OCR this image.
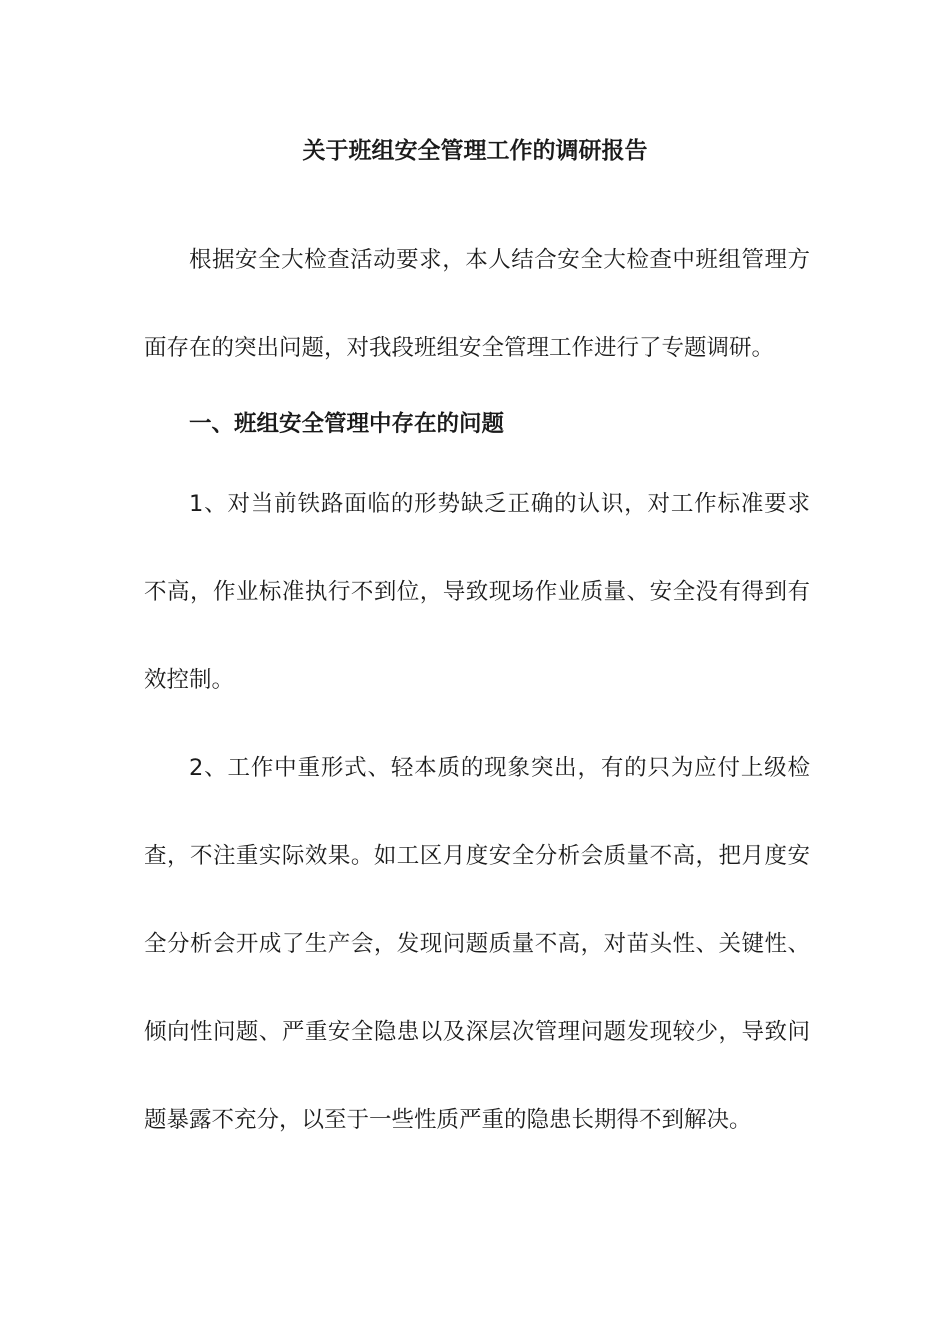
关于班组安全管理工作的调研报告

根据安全大检查活动要求，本人结合安全大检查中班组管理方面存在的突出问题，对我段班组安全管理工作进行了专题调研。

一、班组安全管理中存在的问题

1、对当前铁路面临的形势缺乏正确的认识，对工作标准要求不高，作业标准执行不到位，导致现场作业质量、安全没有得到有效控制。

2、工作中重形式、轻本质的现象突出，有的只为应付上级检查，不注重实际效果。如工区月度安全分析会质量不高，把月度安全分析会开成了生产会，发现问题质量不高，对苗头性、关键性、倾向性问题、严重安全隐患以及深层次管理问题发现较少，导致问题暴露不充分，以至于一些性质严重的隐患长期得不到解决。
